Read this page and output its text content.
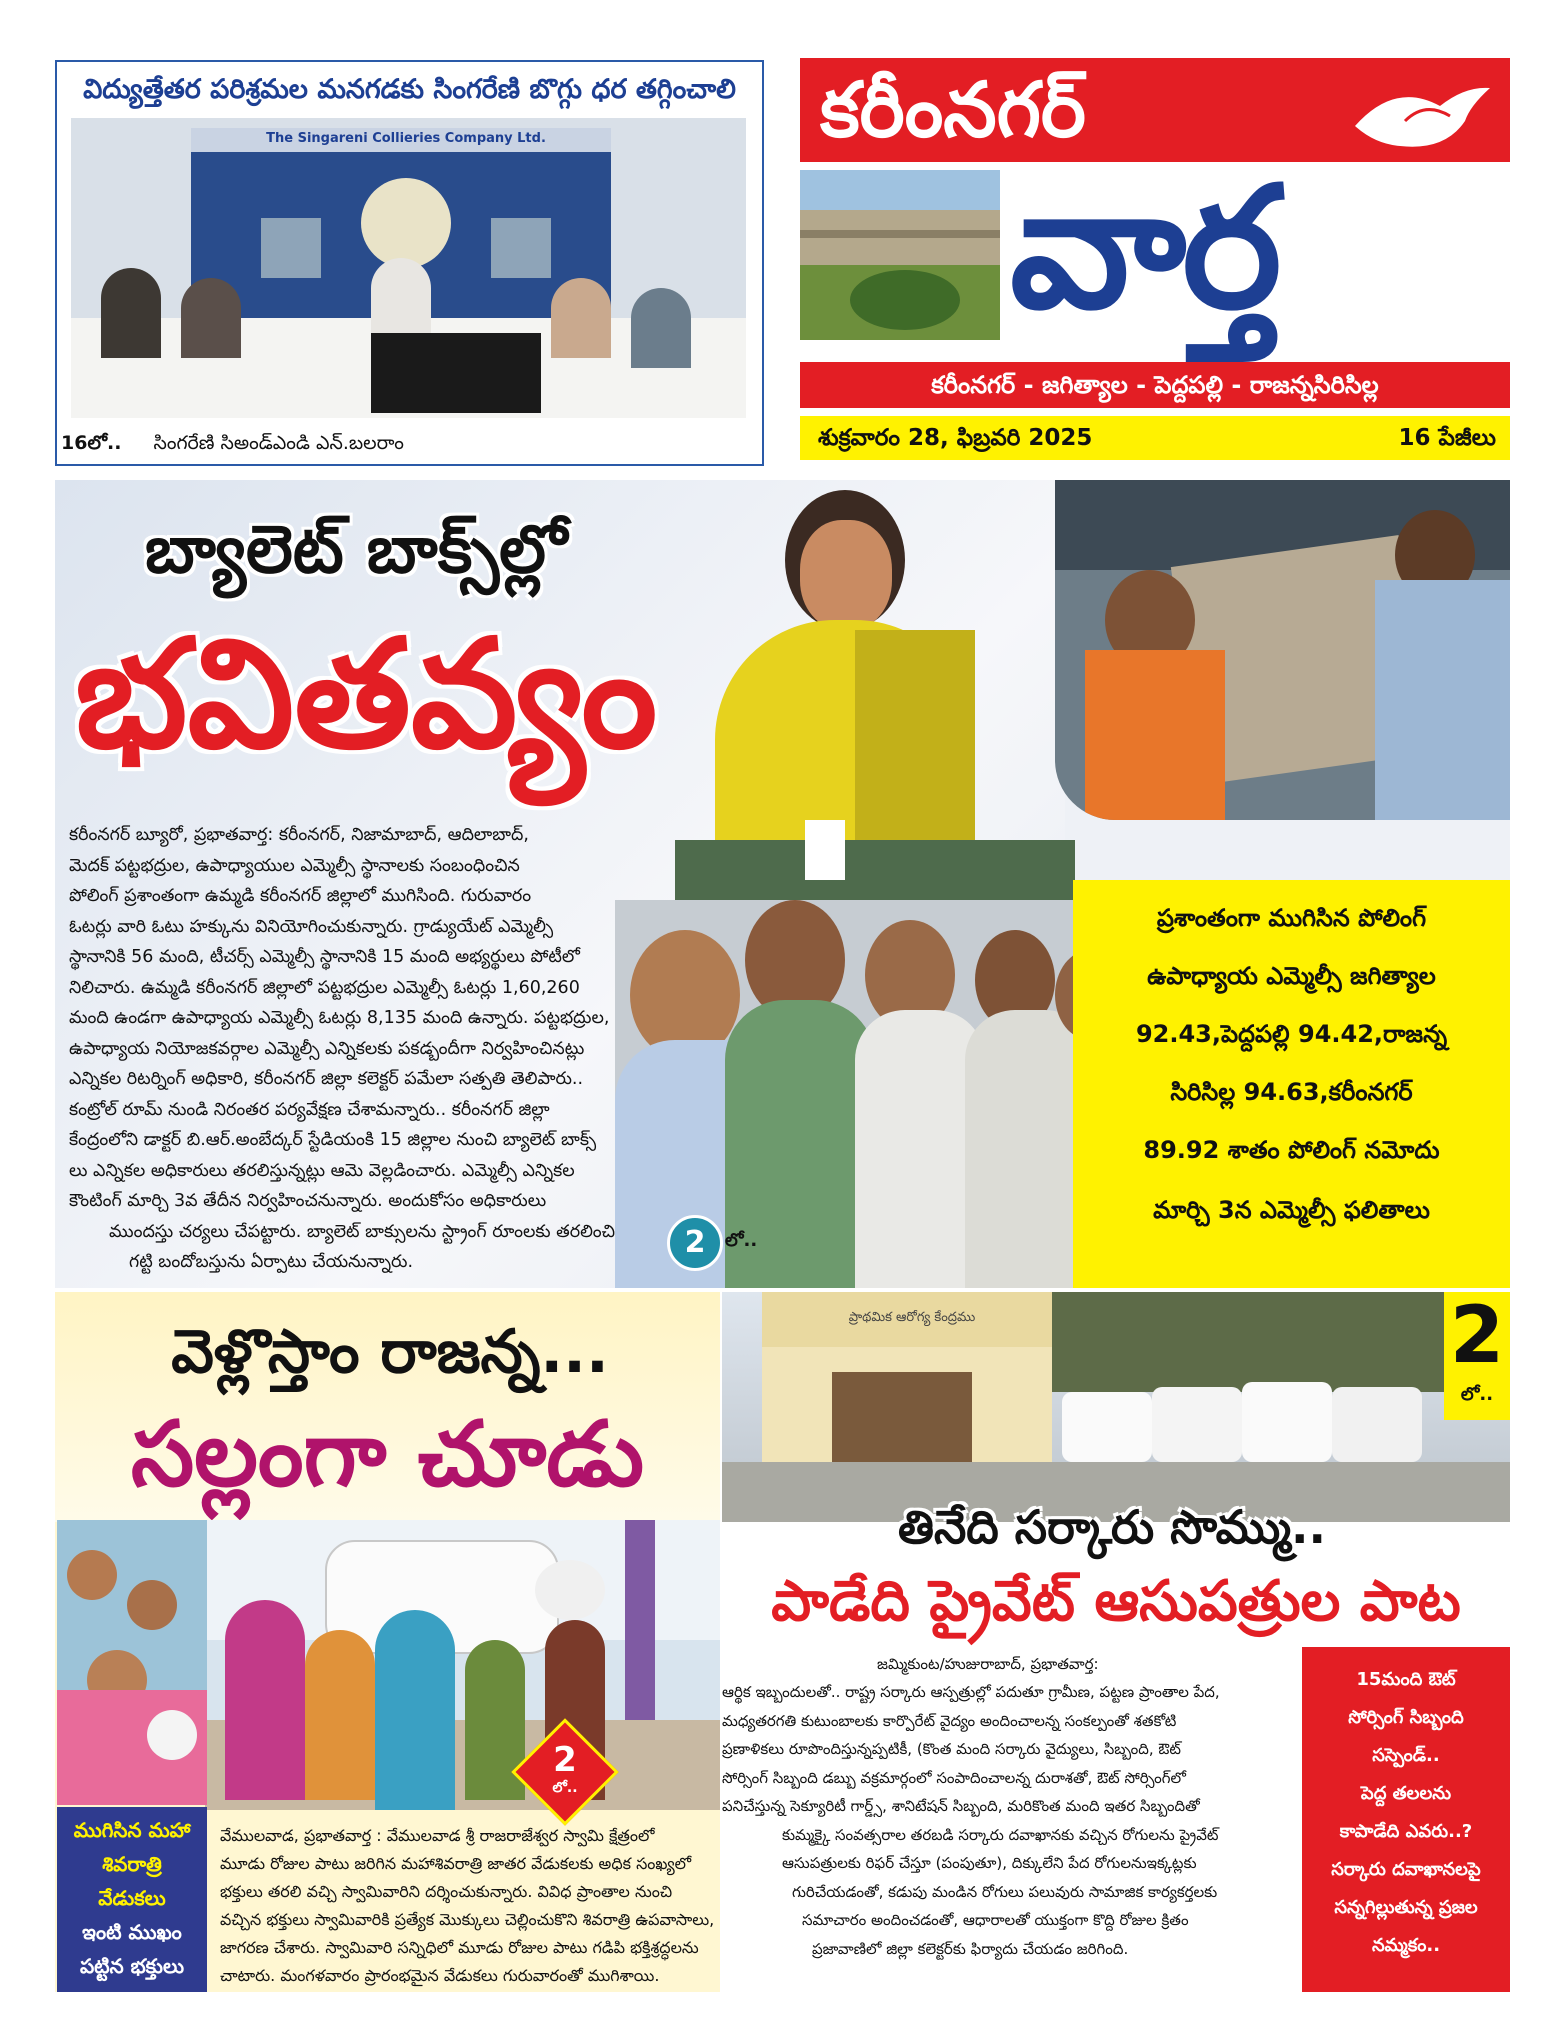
విద్యుత్తేతర పరిశ్రమల మనగడకు సింగరేణి బొగ్గు ధర తగ్గించాలి
The Singareni Collieries Company Ltd.
16లో.. సింగరేణి సిఅండ్‌ఎండి ఎన్.బలరాం
కరీంనగర్
వార్త
కరీంనగర్ - జగిత్యాల - పెద్దపల్లి - రాజన్నసిరిసిల్ల
శుక్రవారం 28, ఫిబ్రవరి 2025	16 పేజీలు
బ్యాలెట్ బాక్స్‌ల్లో
భవితవ్యం
కరీంనగర్ బ్యూరో, ప్రభాతవార్త: కరీంనగర్, నిజామాబాద్, ఆదిలాబాద్,
మెదక్ పట్టభద్రుల, ఉపాధ్యాయుల ఎమ్మెల్సీ స్థానాలకు సంబంధించిన
పోలింగ్ ప్రశాంతంగా ఉమ్మడి కరీంనగర్ జిల్లాలో ముగిసింది. గురువారం
ఓటర్లు వారి ఓటు హక్కును వినియోగించుకున్నారు. గ్రాడ్యుయేట్ ఎమ్మెల్సీ
స్థానానికి 56 మంది, టీచర్స్ ఎమ్మెల్సీ స్థానానికి 15 మంది అభ్యర్థులు పోటీలో
నిలిచారు. ఉమ్మడి కరీంనగర్ జిల్లాలో పట్టభద్రుల ఎమ్మెల్సీ ఓటర్లు 1,60,260
మంది ఉండగా ఉపాధ్యాయ ఎమ్మెల్సీ ఓటర్లు 8,135 మంది ఉన్నారు. పట్టభద్రుల,
ఉపాధ్యాయ నియోజకవర్గాల ఎమ్మెల్సీ ఎన్నికలకు పకడ్బందీగా నిర్వహించినట్లు
ఎన్నికల రిటర్నింగ్ అధికారి, కరీంనగర్ జిల్లా కలెక్టర్ పమేలా సత్పతి తెలిపారు..
కంట్రోల్ రూమ్ నుండి నిరంతర పర్యవేక్షణ చేశామన్నారు.. కరీంనగర్ జిల్లా
కేంద్రంలోని డాక్టర్ బి.ఆర్.అంబేద్కర్ స్టేడియంకి 15 జిల్లాల నుంచి బ్యాలెట్ బాక్స్
లు ఎన్నికల అధికారులు తరలిస్తున్నట్లు ఆమె వెల్లడించారు. ఎమ్మెల్సీ ఎన్నికల
కౌంటింగ్ మార్చి 3వ తేదీన నిర్వహించనున్నారు. అందుకోసం అధికారులు
ముందస్తు చర్యలు చేపట్టారు. బ్యాలెట్ బాక్సులను స్ట్రాంగ్ రూంలకు తరలించి
గట్టి బందోబస్తును ఏర్పాటు చేయనున్నారు.
2	లో..
ప్రశాంతంగా ముగిసిన పోలింగ్
ఉపాధ్యాయ ఎమ్మెల్సీ జగిత్యాల
92.43,పెద్దపల్లి 94.42,రాజన్న
సిరిసిల్ల 94.63,కరీంనగర్
89.92 శాతం పోలింగ్ నమోదు
మార్చి 3న ఎమ్మెల్సీ ఫలితాలు
వెళ్లొస్తాం రాజన్న...
సల్లంగా చూడు
ముగిసిన మహా
శివరాత్రి
వేడుకలు
ఇంటి ముఖం
పట్టిన భక్తులు
2
లో..
వేములవాడ, ప్రభాతవార్త : వేములవాడ శ్రీ రాజరాజేశ్వర స్వామి క్షేత్రంలో
మూడు రోజుల పాటు జరిగిన మహాశివరాత్రి జాతర వేడుకలకు అధిక సంఖ్యలో
భక్తులు తరలి వచ్చి స్వామివారిని దర్శించుకున్నారు. వివిధ ప్రాంతాల నుంచి
వచ్చిన భక్తులు స్వామివారికి ప్రత్యేక మొక్కులు చెల్లించుకొని శివరాత్రి ఉపవాసాలు,
జాగరణ చేశారు. స్వామివారి సన్నిధిలో మూడు రోజుల పాటు గడిపి భక్తిశ్రద్ధలను
చాటారు. మంగళవారం ప్రారంభమైన వేడుకలు గురువారంతో ముగిశాయి.
ప్రాథమిక ఆరోగ్య కేంద్రము	2
లో..
తినేది సర్కారు సొమ్ము..
పాడేది ప్రైవేట్ ఆసుపత్రుల పాట
జమ్మికుంట/హుజురాబాద్, ప్రభాతవార్త:
ఆర్థిక ఇబ్బందులతో.. రాష్ట్ర సర్కారు ఆస్పత్రుల్లో పదుతూ గ్రామీణ, పట్టణ ప్రాంతాల పేద,
మధ్యతరగతి కుటుంబాలకు కార్పొరేట్ వైద్యం అందించాలన్న సంకల్పంతో శతకోటి
ప్రణాళికలు రూపొందిస్తున్నప్పటికీ, (కొంత మంది సర్కారు వైద్యులు, సిబ్బంది, ఔట్
సోర్సింగ్ సిబ్బంది డబ్బు వక్రమార్గంలో సంపాదించాలన్న దురాశతో, ఔట్ సోర్సింగ్‌లో
పనిచేస్తున్న సెక్యూరిటీ గార్డ్స్, శానిటేషన్ సిబ్బంది, మరికొంత మంది ఇతర సిబ్బందితో
కుమ్మక్కై సంవత్సరాల తరబడి సర్కారు దవాఖానకు వచ్చిన రోగులను ప్రైవేట్
ఆసుపత్రులకు రిఫర్ చేస్తూ (పంపుతూ), దిక్కులేని పేద రోగులనుఇక్కట్లకు
గురిచేయడంతో, కడుపు మండిన రోగులు పలువురు సామాజిక కార్యకర్తలకు
సమాచారం అందించడంతో, ఆధారాలతో యుక్తంగా కొద్ది రోజుల క్రితం
ప్రజావాణిలో జిల్లా కలెక్టర్‌కు ఫిర్యాదు చేయడం జరిగింది.
15మంది ఔట్
సోర్సింగ్ సిబ్బంది
సస్పెండ్..
పెద్ద తలలను
కాపాడేది ఎవరు..?
సర్కారు దవాఖానలపై
సన్నగిల్లుతున్న ప్రజల
నమ్మకం..
